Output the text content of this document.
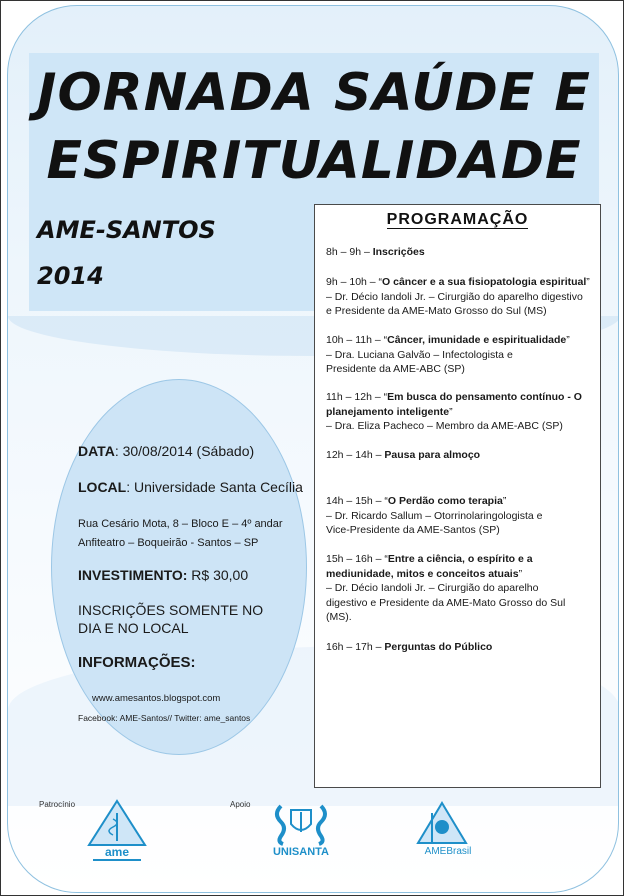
JORNADA SAÚDE E
ESPIRITUALIDADE
AME-SANTOS
2014
DATA: 30/08/2014 (Sábado)
LOCAL: Universidade Santa Cecília
Rua Cesário Mota, 8 – Bloco E – 4º andar
Anfiteatro – Boqueirão - Santos – SP
INVESTIMENTO: R$ 30,00
INSCRIÇÕES SOMENTE NO
DIA E NO LOCAL
INFORMAÇÕES:
www.amesantos.blogspot.com
Facebook: AME-Santos// Twitter: ame_santos
PROGRAMAÇÃO
8h – 9h – Inscrições
9h – 10h – “O câncer e a sua fisiopatologia espiritual”
– Dr. Décio Iandoli Jr. – Cirurgião do aparelho digestivo
e Presidente da AME-Mato Grosso do Sul (MS)
10h – 11h – “Câncer, imunidade e espiritualidade”
– Dra. Luciana Galvão – Infectologista e
Presidente da AME-ABC (SP)
11h – 12h – “Em busca do pensamento contínuo - O
planejamento inteligente”
– Dra. Eliza Pacheco – Membro da AME-ABC (SP)
12h – 14h – Pausa para almoço
14h – 15h – “O Perdão como terapia”
– Dr. Ricardo Sallum – Otorrinolaringologista e
Vice-Presidente da AME-Santos (SP)
15h – 16h – “Entre a ciência, o espírito e a
mediunidade, mitos e conceitos atuais”
– Dr. Décio Iandoli Jr. – Cirurgião do aparelho
digestivo e Presidente da AME-Mato Grosso do Sul
(MS).
16h – 17h – Perguntas do Público
Patrocínio	Apoio
ame	UNISANTA	AMEBrasil
